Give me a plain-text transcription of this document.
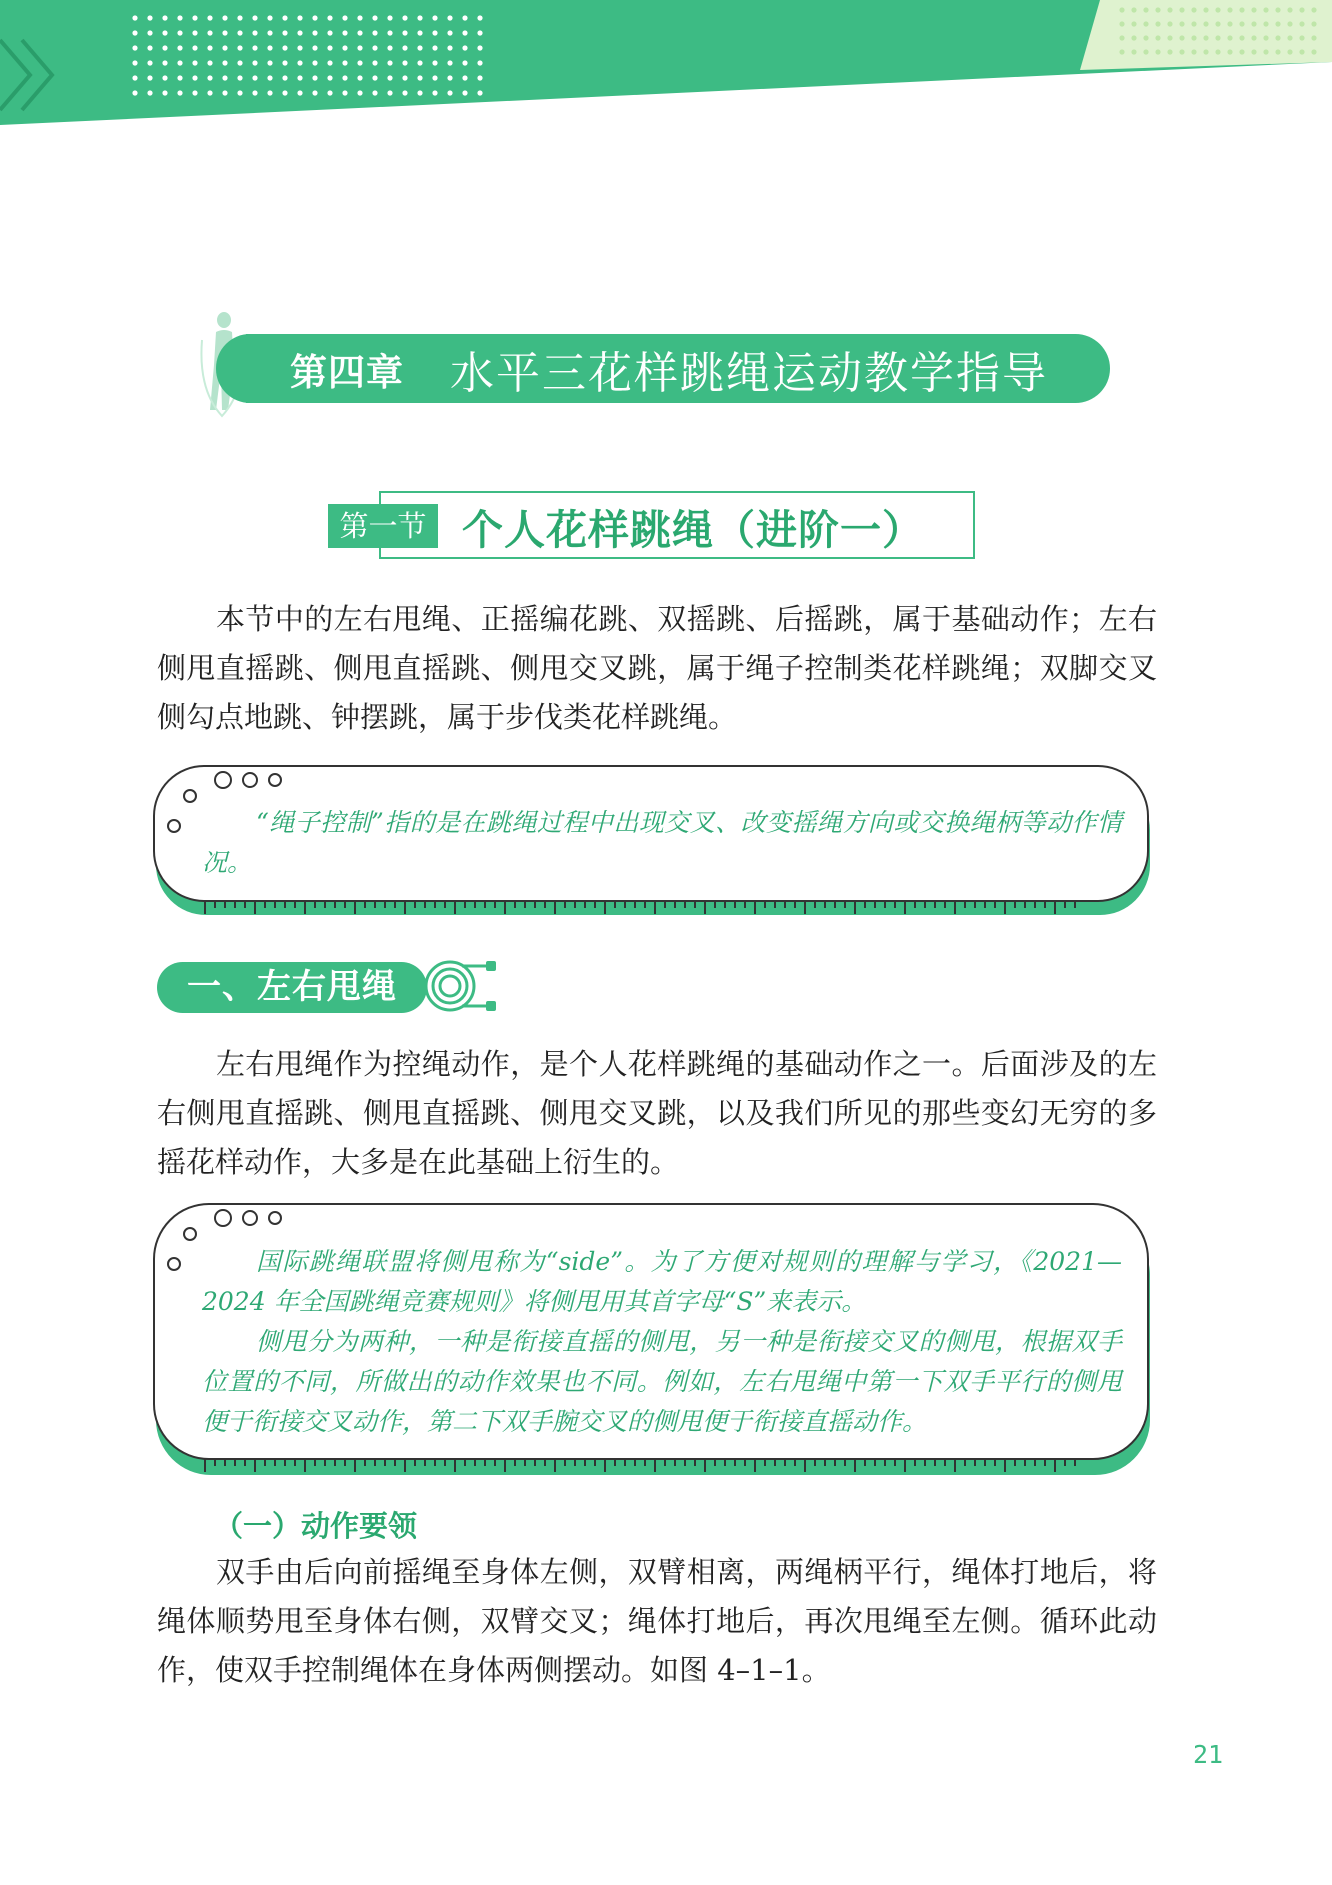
第四章 水平三花样跳绳运动教学指导
第一节 个人花样跳绳（进阶一）

本节中的左右甩绳、正摇编花跳、双摇跳、后摇跳，属于基础动作；左右侧甩直摇跳、侧甩直摇跳、侧甩交叉跳，属于绳子控制类花样跳绳；双脚交叉侧勾点地跳、钟摆跳，属于步伐类花样跳绳。

“绳子控制”指的是在跳绳过程中出现交叉、改变摇绳方向或交换绳柄等动作情况。

一、左右甩绳

左右甩绳作为控绳动作，是个人花样跳绳的基础动作之一。后面涉及的左右侧甩直摇跳、侧甩直摇跳、侧甩交叉跳，以及我们所见的那些变幻无穷的多摇花样动作，大多是在此基础上衍生的。

国际跳绳联盟将侧甩称为“side”。为了方便对规则的理解与学习，《2021—2024 年全国跳绳竞赛规则》将侧甩用其首字母“S”来表示。

侧甩分为两种，一种是衔接直摇的侧甩，另一种是衔接交叉的侧甩，根据双手位置的不同，所做出的动作效果也不同。例如，左右甩绳中第一下双手平行的侧甩便于衔接交叉动作，第二下双手腕交叉的侧甩便于衔接直摇动作。

（一）动作要领

双手由后向前摇绳至身体左侧，双臂相离，两绳柄平行，绳体打地后，将绳体顺势甩至身体右侧，双臂交叉；绳体打地后，再次甩绳至左侧。循环此动作，使双手控制绳体在身体两侧摆动。如图 4–1–1。

21
